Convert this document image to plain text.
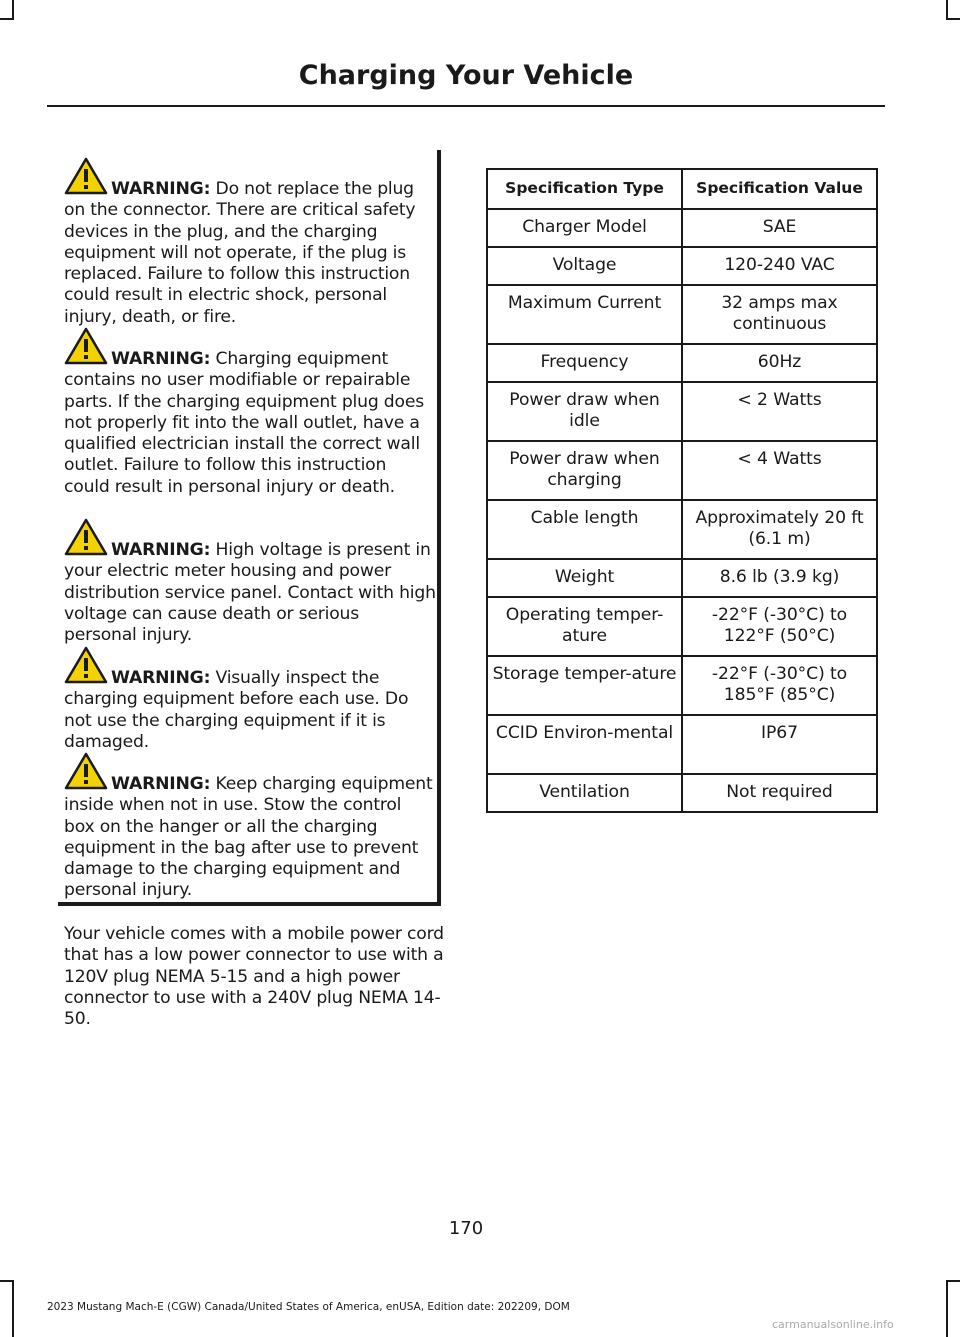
Charging Your Vehicle

WARNING: Do not replace the plug on the connector. There are critical safety devices in the plug, and the charging equipment will not operate, if the plug is replaced. Failure to follow this instruction could result in electric shock, personal injury, death, or fire.

WARNING: Charging equipment contains no user modifiable or repairable parts. If the charging equipment plug does not properly fit into the wall outlet, have a qualified electrician install the correct wall outlet. Failure to follow this instruction could result in personal injury or death.

WARNING: High voltage is present in your electric meter housing and power distribution service panel. Contact with high voltage can cause death or serious personal injury.

WARNING: Visually inspect the charging equipment before each use. Do not use the charging equipment if it is damaged.

WARNING: Keep charging equipment inside when not in use. Stow the control box on the hanger or all the charging equipment in the bag after use to prevent damage to the charging equipment and personal injury.

Your vehicle comes with a mobile power cord that has a low power connector to use with a 120V plug NEMA 5-15 and a high power connector to use with a 240V plug NEMA 14-50.

Specification Type	Specification Value
Charger Model	SAE
Voltage	120-240 VAC
Maximum Current	32 amps max continuous
Frequency	60Hz
Power draw when idle	< 2 Watts
Power draw when charging	< 4 Watts
Cable length	Approximately 20 ft (6.1 m)
Weight	8.6 lb (3.9 kg)
Operating temper-ature	-22°F (-30°C) to 122°F (50°C)
Storage temper-ature	-22°F (-30°C) to 185°F (85°C)
CCID Environ-mental	IP67
Ventilation	Not required
170
2023 Mustang Mach-E (CGW) Canada/United States of America, enUSA, Edition date: 202209, DOM
carmanualsonline.info
